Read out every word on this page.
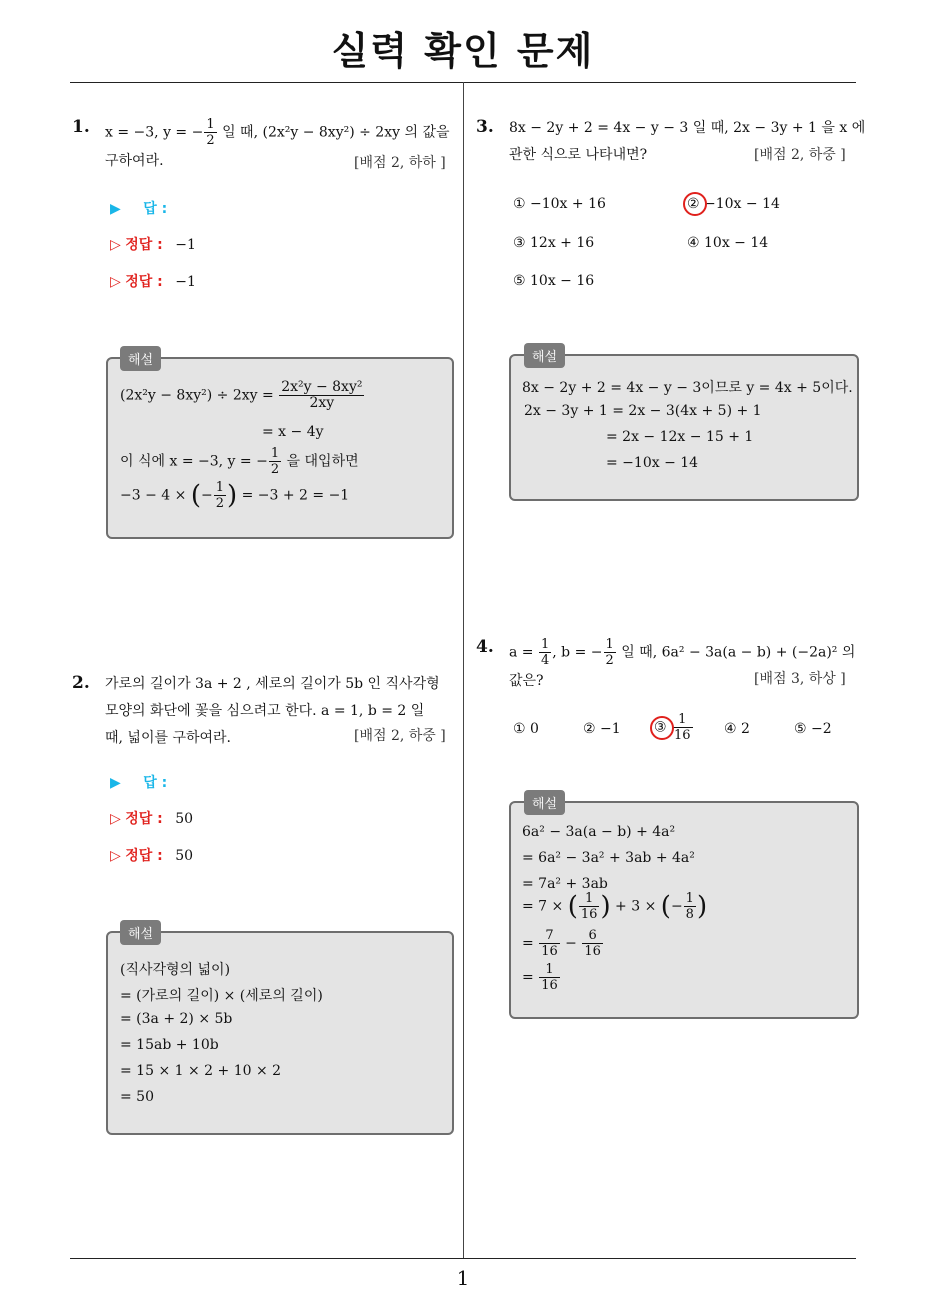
실력 확인 문제
1. x = −3, y = − $\frac{1}{2}$ 일 때, (2x²y − 8xy²) ÷ 2xy 의 값을
구하여라.	[배점 2, 하하 ]
▶ 답 :
▷ 정답 : −1
▷ 정답 : −1
해설
$(2x^2y - 8xy^2) \div 2xy = \frac{\text{2x²y − 8xy²}}{2xy}$
= x − 4y
이 식에 x = −3, y = − $\frac{1}{2}$ 을 대입하면
−3 − 4 × (− $\frac{1}{2}$ ) = −3 + 2 = −1
2. 가로의 길이가 3a + 2 , 세로의 길이가 5b 인 직사각형
모양의 화단에 꽃을 심으려고 한다. a = 1, b = 2 일
때, 넓이를 구하여라.	[배점 2, 하중 ]
▶ 답 :
▷ 정답 : 50
▷ 정답 : 50
해설
(직사각형의 넓이)
= (가로의 길이) × (세로의 길이)
= (3a + 2) × 5b
= 15ab + 10b
= 15 × 1 × 2 + 10 × 2
= 50
3. 8x − 2y + 2 = 4x − y − 3 일 때, 2x − 3y + 1 을 x 에
관한 식으로 나타내면?	[배점 2, 하중 ]
① −10x + 16	② −10x − 14
③ 12x + 16	④ 10x − 14
⑤ 10x − 16
해설
8x − 2y + 2 = 4x − y − 3이므로 y = 4x + 5이다.
2x − 3y + 1 = 2x − 3(4x + 5) + 1
= 2x − 12x − 15 + 1
= −10x − 14
4. $a = \frac{1}{4}$ , b = − $\frac{1}{2}$ 일 때, 6a² − 3a(a − b) + (−2a)² 의
값은?	[배점 3, 하상 ]
① 0	② −1 ③ $\frac{1}{16}$ ④ 2	⑤ −2
해설
6a² − 3a(a − b) + 4a²
= 6a² − 3a² + 3ab + 4a²
= 7a² + 3ab
= 7 × ( $\frac{1}{16}$ ) + 3 × (− $\frac{1}{8}$ )
= $\frac{7}{16} - \frac{6}{16}$
= $\frac{1}{16}$
1
